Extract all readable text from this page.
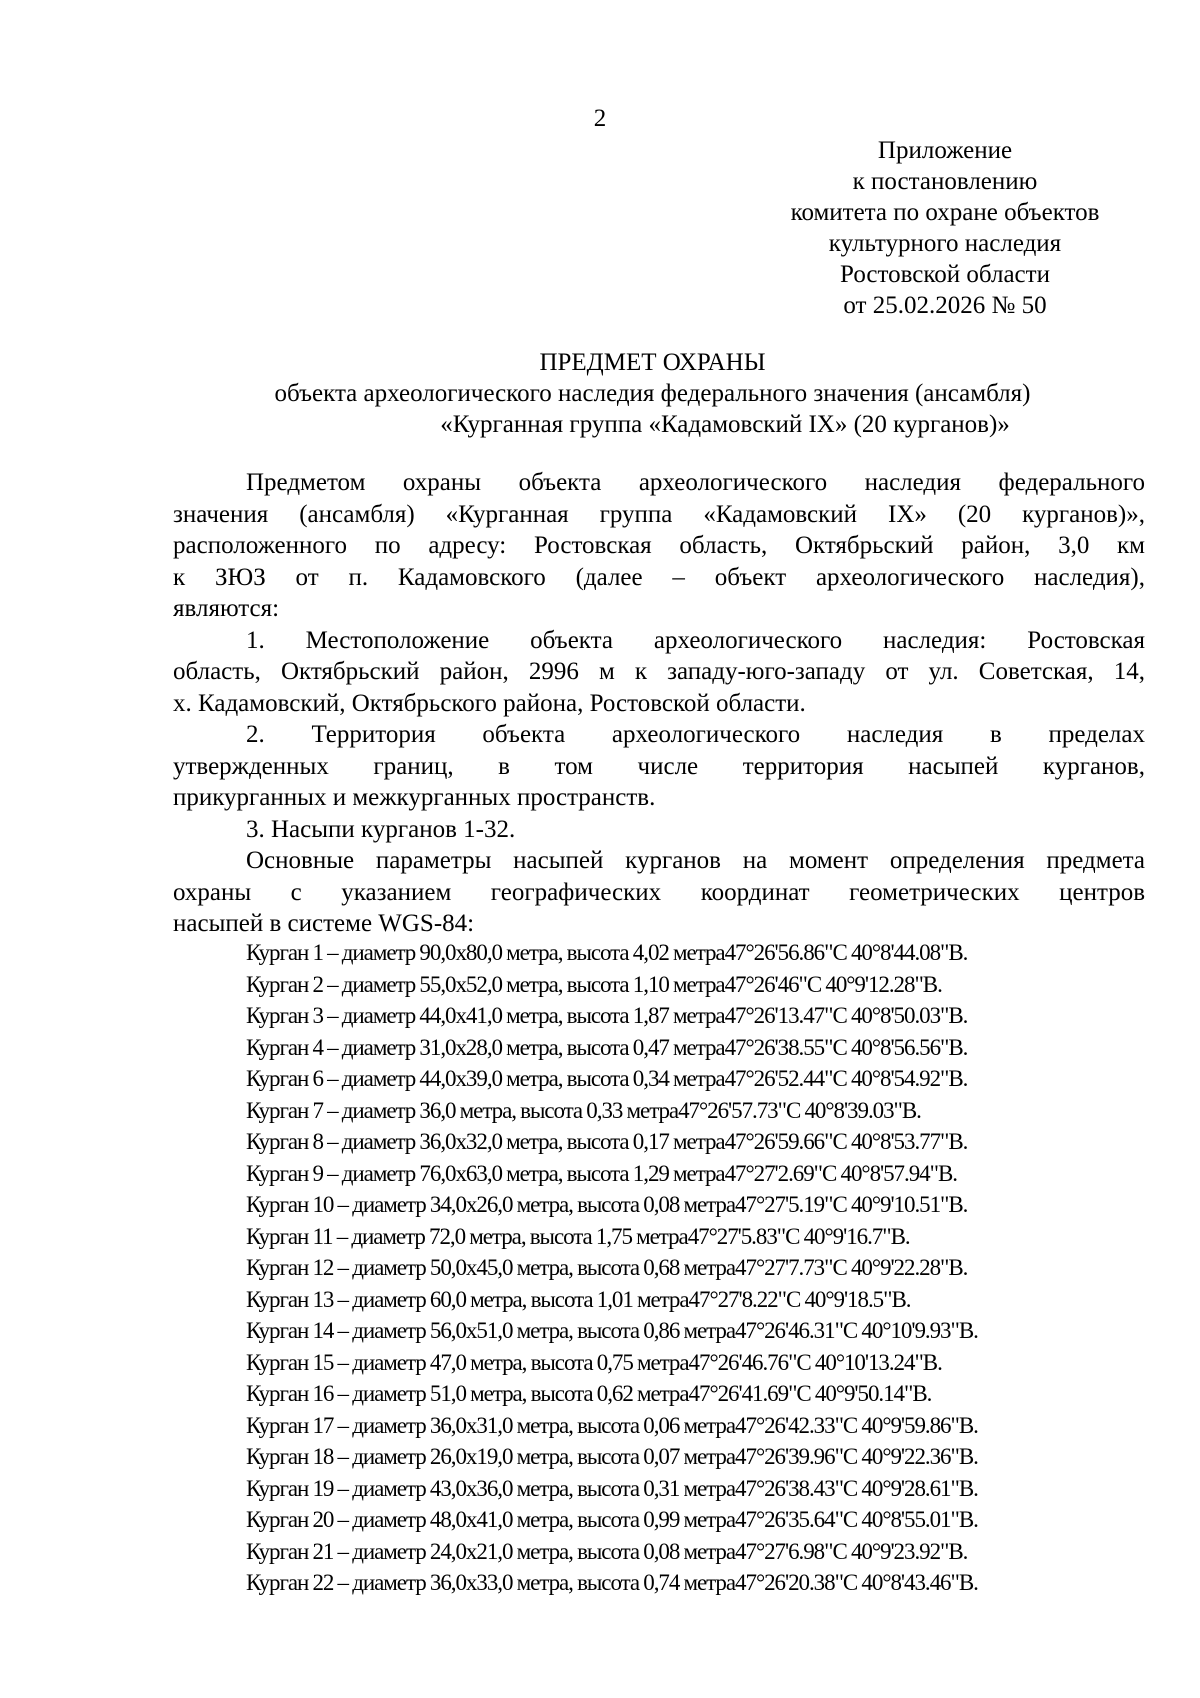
2
Приложение
к постановлению
комитета по охране объектов
культурного наследия
Ростовской области
от 25.02.2026 № 50
ПРЕДМЕТ ОХРАНЫ
объекта археологического наследия федерального значения (ансамбля)
«Курганная группа «Кадамовский IX» (20 курганов)»
Предметом охраны объекта археологического наследия федерального
значения (ансамбля) «Курганная группа «Кадамовский IX» (20 курганов)»,
расположенного по адресу: Ростовская область, Октябрьский район, 3,0 км
к ЗЮЗ от п. Кадамовского (далее – объект археологического наследия),
являются:
1. Местоположение объекта археологического наследия: Ростовская
область, Октябрьский район, 2996 м к западу-юго-западу от ул. Советская, 14,
х. Кадамовский, Октябрьского района, Ростовской области.
2. Территория объекта археологического наследия в пределах
утвержденных границ, в том числе территория насыпей курганов,
прикурганных и межкурганных пространств.
3. Насыпи курганов 1-32.
Основные параметры насыпей курганов на момент определения предмета
охраны с указанием географических координат геометрических центров
насыпей в системе WGS-84:
Курган 1 – диаметр 90,0х80,0 метра, высота 4,02 метра47°26'56.86"С 40°8'44.08"В.
Курган 2 – диаметр 55,0х52,0 метра, высота 1,10 метра47°26'46"С 40°9'12.28"В.
Курган 3 – диаметр 44,0х41,0 метра, высота 1,87 метра47°26'13.47"С 40°8'50.03"В.
Курган 4 – диаметр 31,0х28,0 метра, высота 0,47 метра47°26'38.55"С 40°8'56.56"В.
Курган 6 – диаметр 44,0х39,0 метра, высота 0,34 метра47°26'52.44"С 40°8'54.92"В.
Курган 7 – диаметр 36,0 метра, высота 0,33 метра47°26'57.73"С 40°8'39.03"В.
Курган 8 – диаметр 36,0х32,0 метра, высота 0,17 метра47°26'59.66"С 40°8'53.77"В.
Курган 9 – диаметр 76,0х63,0 метра, высота 1,29 метра47°27'2.69"С 40°8'57.94"В.
Курган 10 – диаметр 34,0х26,0 метра, высота 0,08 метра47°27'5.19"С 40°9'10.51"В.
Курган 11 – диаметр 72,0 метра, высота 1,75 метра47°27'5.83"С 40°9'16.7"В.
Курган 12 – диаметр 50,0х45,0 метра, высота 0,68 метра47°27'7.73"С 40°9'22.28"В.
Курган 13 – диаметр 60,0 метра, высота 1,01 метра47°27'8.22"С 40°9'18.5"В.
Курган 14 – диаметр 56,0х51,0 метра, высота 0,86 метра47°26'46.31"С 40°10'9.93"В.
Курган 15 – диаметр 47,0 метра, высота 0,75 метра47°26'46.76"С 40°10'13.24"В.
Курган 16 – диаметр 51,0 метра, высота 0,62 метра47°26'41.69"С 40°9'50.14"В.
Курган 17 – диаметр 36,0х31,0 метра, высота 0,06 метра47°26'42.33"С 40°9'59.86"В.
Курган 18 – диаметр 26,0х19,0 метра, высота 0,07 метра47°26'39.96"С 40°9'22.36"В.
Курган 19 – диаметр 43,0х36,0 метра, высота 0,31 метра47°26'38.43"С 40°9'28.61"В.
Курган 20 – диаметр 48,0х41,0 метра, высота 0,99 метра47°26'35.64"С 40°8'55.01"В.
Курган 21 – диаметр 24,0х21,0 метра, высота 0,08 метра47°27'6.98"С 40°9'23.92"В.
Курган 22 – диаметр 36,0х33,0 метра, высота 0,74 метра47°26'20.38"С 40°8'43.46"В.
